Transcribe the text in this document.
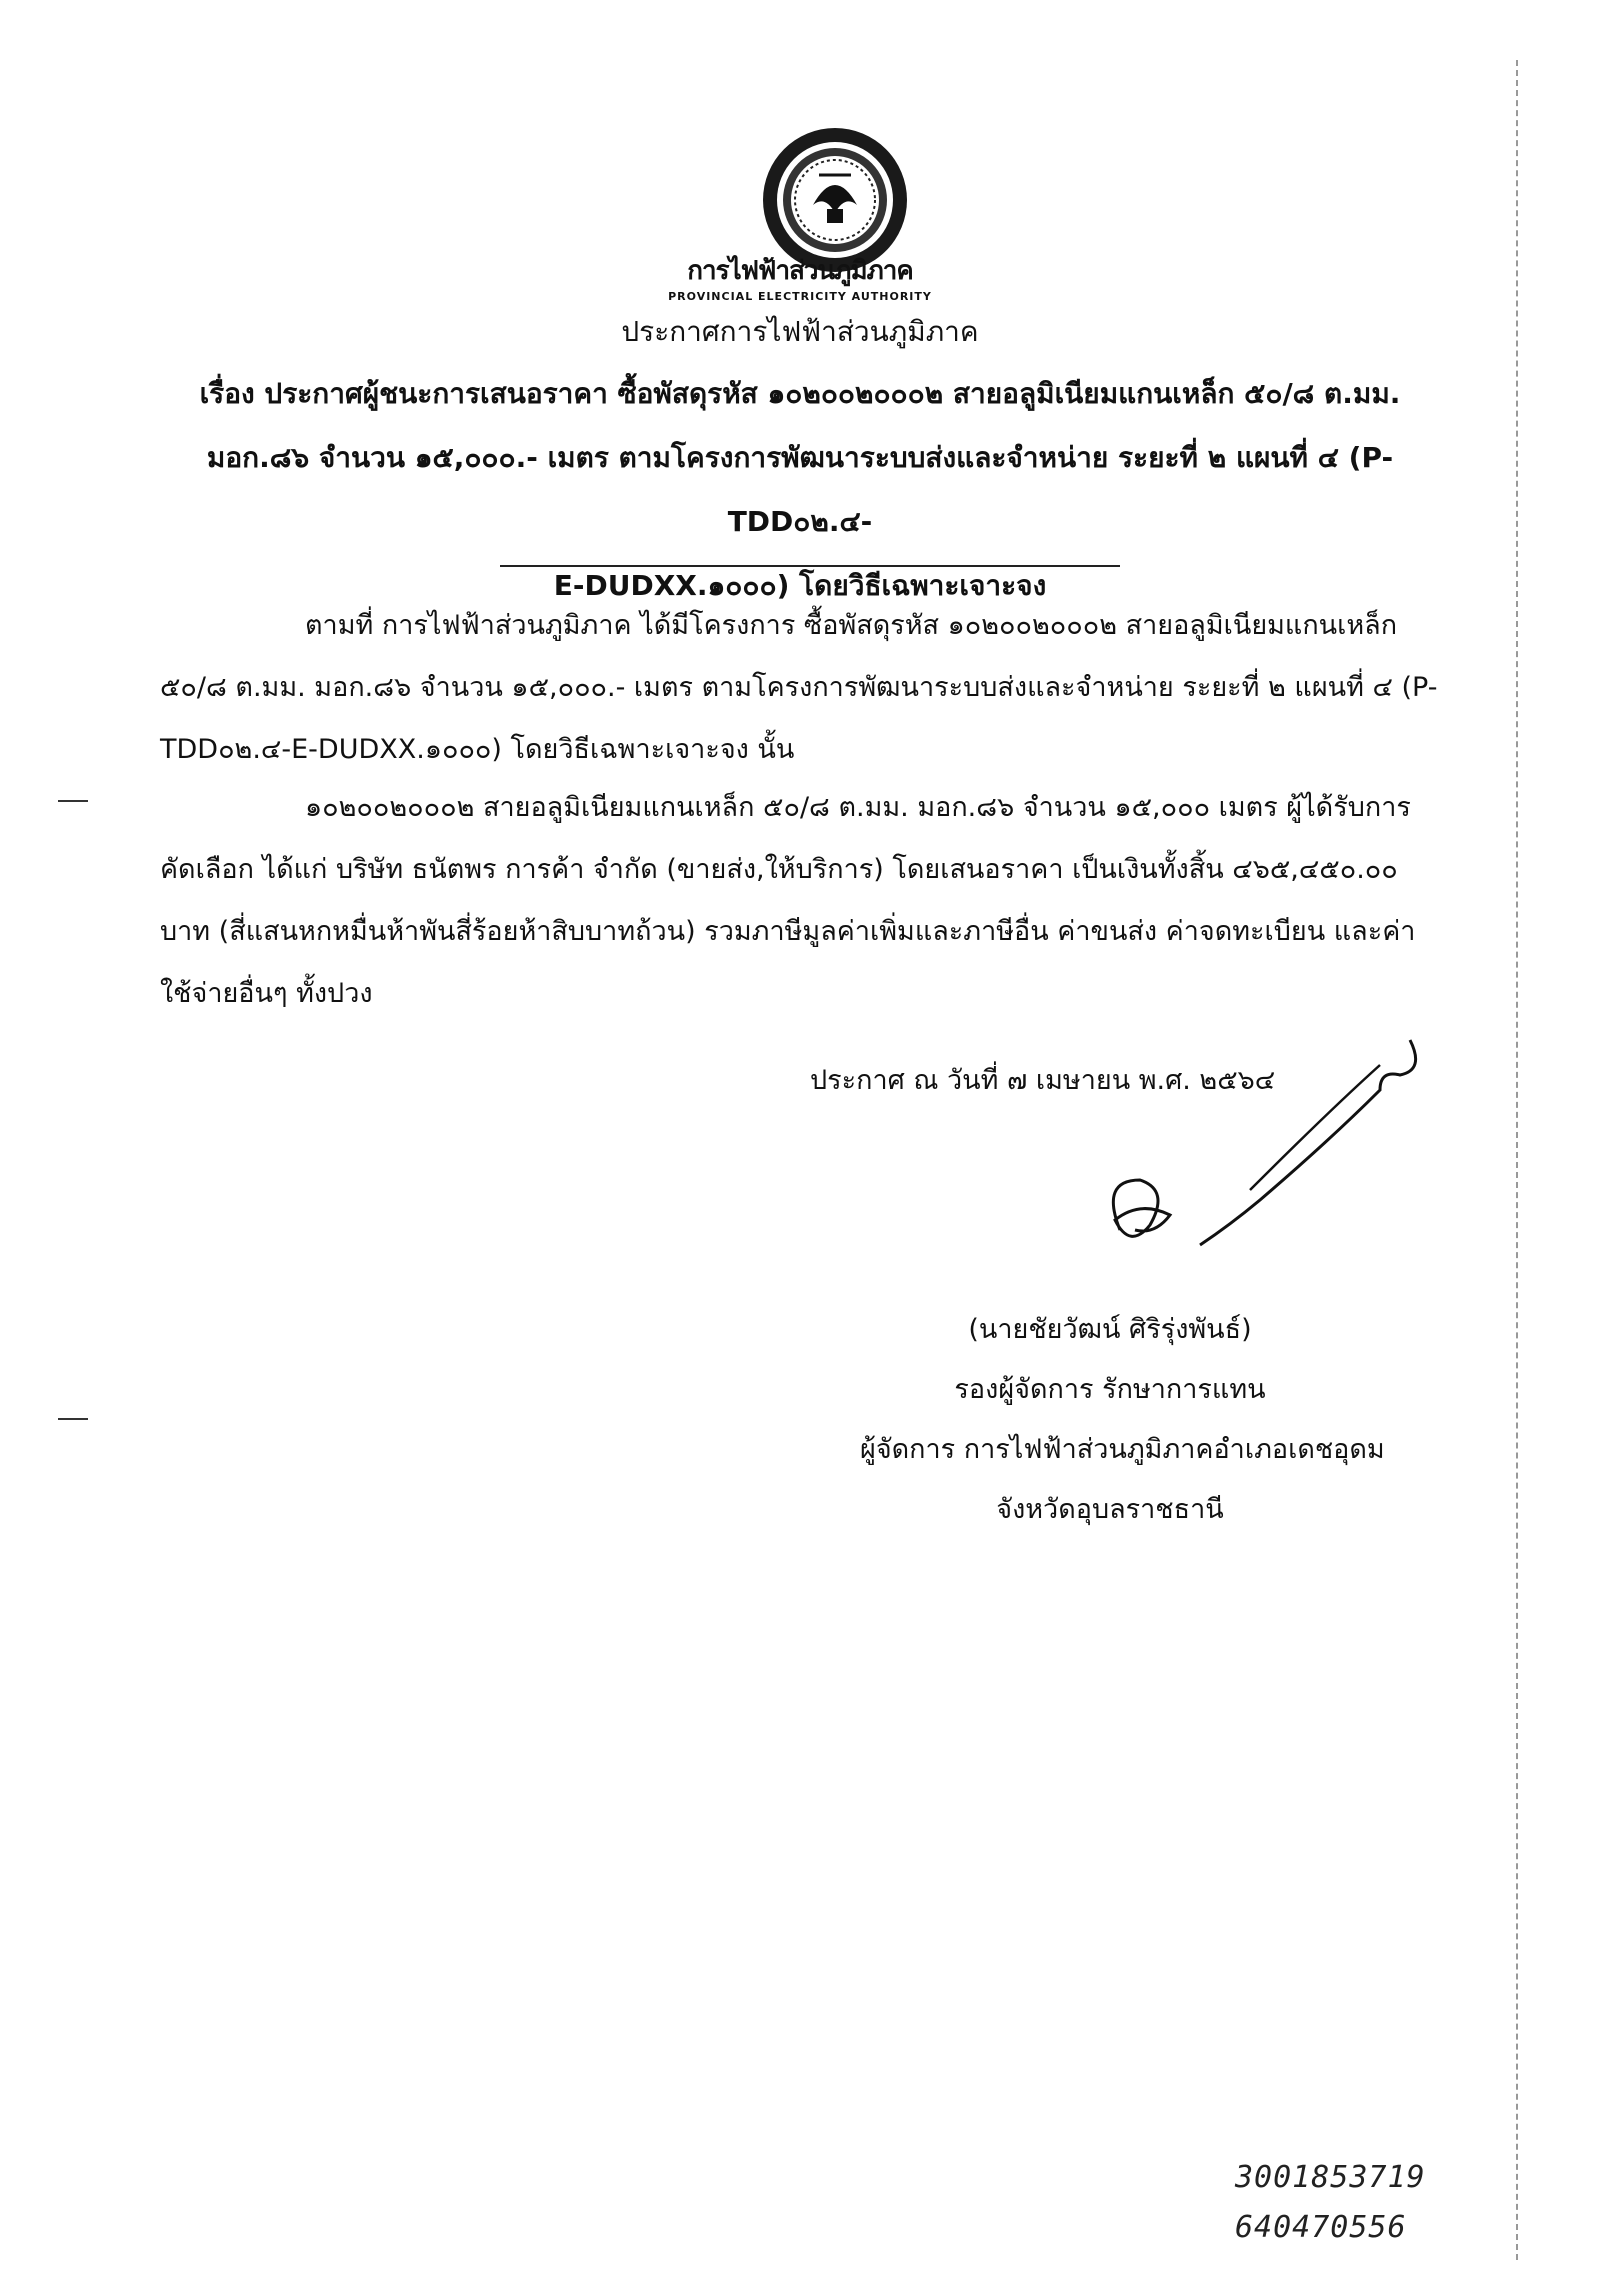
การไฟฟ้าส่วนภูมิภาค
PROVINCIAL ELECTRICITY AUTHORITY
ประกาศการไฟฟ้าส่วนภูมิภาค
เรื่อง ประกาศผู้ชนะการเสนอราคา ซื้อพัสดุรหัส ๑๐๒๐๐๒๐๐๐๒ สายอลูมิเนียมแกนเหล็ก ๕๐/๘ ต.มม.
มอก.๘๖ จำนวน ๑๕,๐๐๐.- เมตร ตามโครงการพัฒนาระบบส่งและจำหน่าย ระยะที่ ๒ แผนที่ ๔ (P-TDD๐๒.๔-
E-DUDXX.๑๐๐๐) โดยวิธีเฉพาะเจาะจง

ตามที่ การไฟฟ้าส่วนภูมิภาค ได้มีโครงการ ซื้อพัสดุรหัส ๑๐๒๐๐๒๐๐๐๒ สายอลูมิเนียมแกนเหล็ก ๕๐/๘ ต.มม. มอก.๘๖ จำนวน ๑๕,๐๐๐.- เมตร ตามโครงการพัฒนาระบบส่งและจำหน่าย ระยะที่ ๒ แผนที่ ๔ (P-TDD๐๒.๔-E-DUDXX.๑๐๐๐) โดยวิธีเฉพาะเจาะจง นั้น

๑๐๒๐๐๒๐๐๐๒ สายอลูมิเนียมแกนเหล็ก ๕๐/๘ ต.มม. มอก.๘๖ จำนวน ๑๕,๐๐๐ เมตร ผู้ได้รับการคัดเลือก ได้แก่ บริษัท ธนัตพร การค้า จำกัด (ขายส่ง,ให้บริการ) โดยเสนอราคา เป็นเงินทั้งสิ้น ๔๖๕,๔๕๐.๐๐ บาท (สี่แสนหกหมื่นห้าพันสี่ร้อยห้าสิบบาทถ้วน) รวมภาษีมูลค่าเพิ่มและภาษีอื่น ค่าขนส่ง ค่าจดทะเบียน และค่าใช้จ่ายอื่นๆ ทั้งปวง

ประกาศ ณ วันที่ ๗ เมษายน พ.ศ. ๒๕๖๔
(นายชัยวัฒน์ ศิริรุ่งพันธ์)
รองผู้จัดการ รักษาการแทน
ผู้จัดการ การไฟฟ้าส่วนภูมิภาคอำเภอเดชอุดม
จังหวัดอุบลราชธานี
3001853719
640470556
